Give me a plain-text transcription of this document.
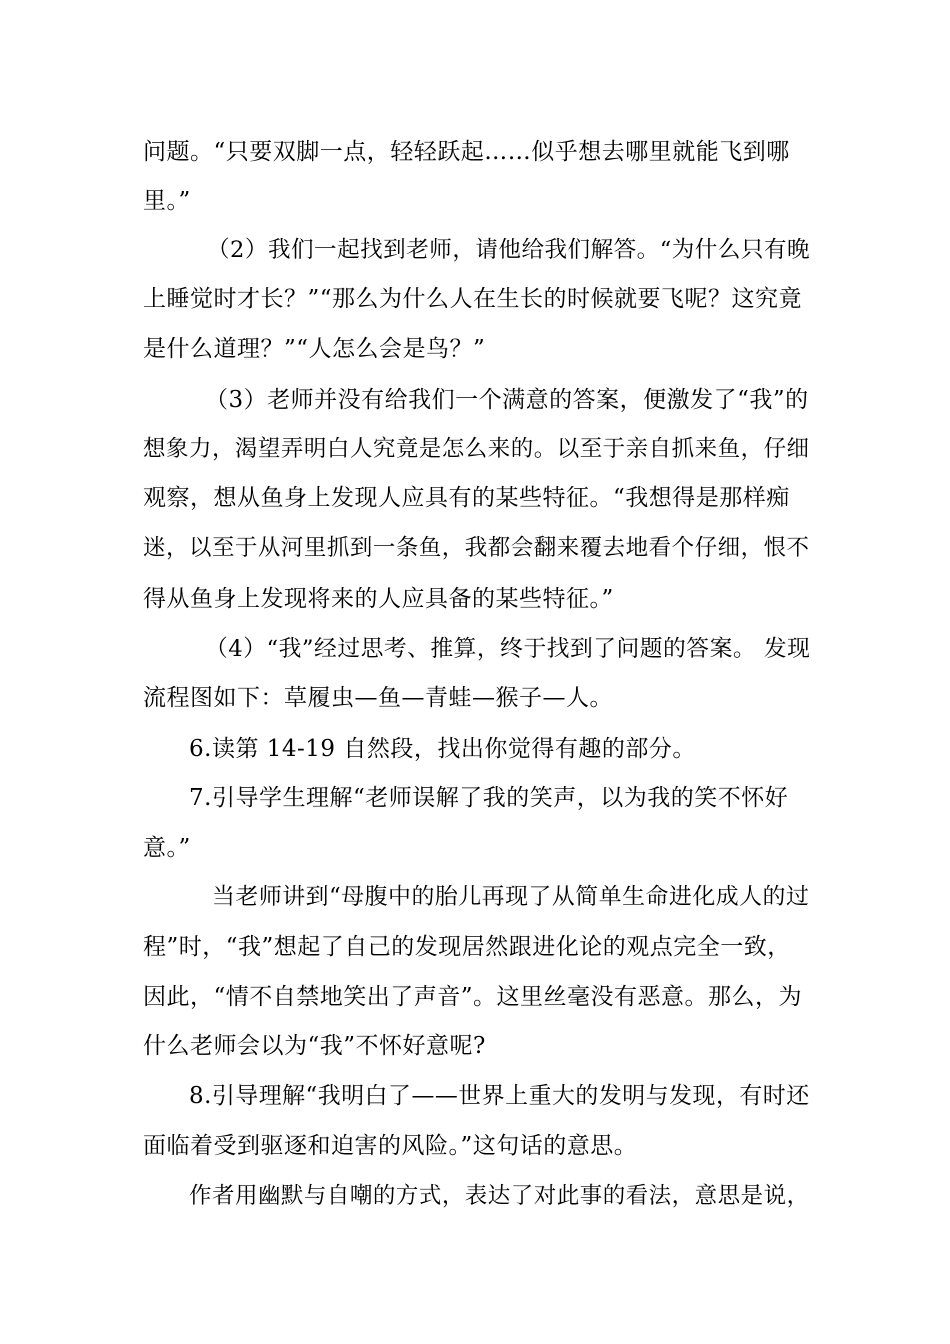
问题。“只要双脚一点，轻轻跃起……似乎想去哪里就能飞到哪
里。”
（2）我们一起找到老师，请他给我们解答。“为什么只有晚
上睡觉时才长？”“那么为什么人在生长的时候就要飞呢？这究竟
是什么道理？”“人怎么会是鸟？”
（3）老师并没有给我们一个满意的答案，便激发了“我”的
想象力，渴望弄明白人究竟是怎么来的。以至于亲自抓来鱼，仔细
观察，想从鱼身上发现人应具有的某些特征。“我想得是那样痴
迷，以至于从河里抓到一条鱼，我都会翻来覆去地看个仔细，恨不
得从鱼身上发现将来的人应具备的某些特征。”
（4）“我”经过思考、推算，终于找到了问题的答案。 发现
流程图如下：草履虫—鱼—青蛙—猴子—人。
6.读第 14-19 自然段，找出你觉得有趣的部分。
7.引导学生理解“老师误解了我的笑声，以为我的笑不怀好
意。”
当老师讲到“母腹中的胎儿再现了从简单生命进化成人的过
程”时，“我”想起了自己的发现居然跟进化论的观点完全一致，
因此，“情不自禁地笑出了声音”。这里丝毫没有恶意。那么，为
什么老师会以为“我”不怀好意呢?
8.引导理解“我明白了——世界上重大的发明与发现，有时还
面临着受到驱逐和迫害的风险。”这句话的意思。
作者用幽默与自嘲的方式，表达了对此事的看法，意思是说，
